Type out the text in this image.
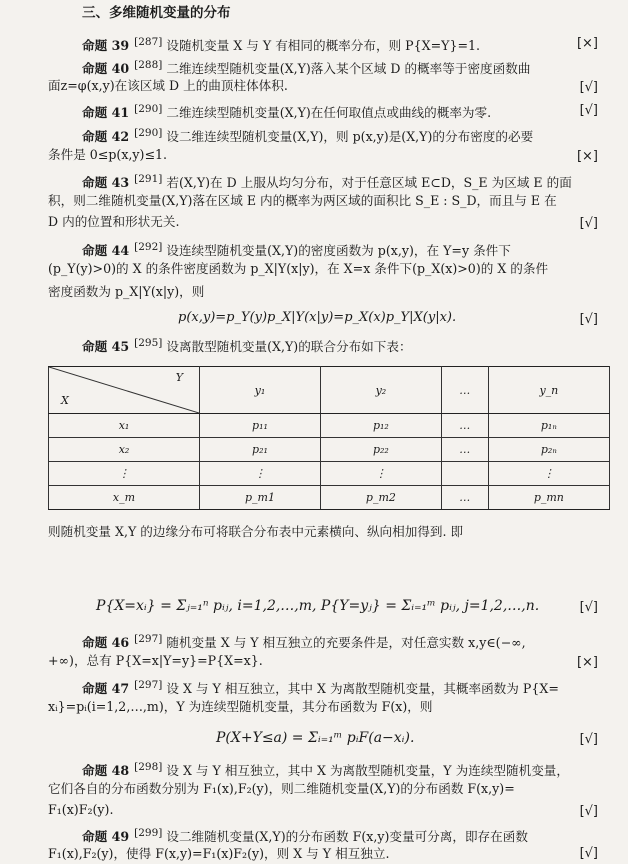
三、多维随机变量的分布
命题 39 [287] 设随机变量 X 与 Y 有相同的概率分布，则 P{X=Y}=1.	[×]
命题 40 [288] 二维连续型随机变量(X,Y)落入某个区域 D 的概率等于密度函数曲
面z=φ(x,y)在该区域 D 上的曲顶柱体体积.	[√]
命题 41 [290] 二维连续型随机变量(X,Y)在任何取值点或曲线的概率为零.	[√]
命题 42 [290] 设二维连续型随机变量(X,Y)，则 p(x,y)是(X,Y)的分布密度的必要
条件是 0≤p(x,y)≤1.	[×]
命题 43 [291] 若(X,Y)在 D 上服从均匀分布，对于任意区域 E⊂D，S_E 为区域 E 的面
积，则二维随机变量(X,Y)落在区域 E 内的概率为两区域的面积比 S_E : S_D，而且与 E 在
D 内的位置和形状无关.	[√]
命题 44 [292] 设连续型随机变量(X,Y)的密度函数为 p(x,y)，在 Y=y 条件下
(p_Y(y)>0)的 X 的条件密度函数为 p_X|Y(x|y)，在 X=x 条件下(p_X(x)>0)的 X 的条件
密度函数为 p_X|Y(x|y)，则
p(x,y)=p_Y(y)p_X|Y(x|y)=p_X(x)p_Y|X(y|x).	[√]
命题 45 [295] 设离散型随机变量(X,Y)的联合分布如下表：
Y
X	y₁	y₂	…	y_n
x₁	p₁₁	p₁₂	…	p₁ₙ
x₂	p₂₁	p₂₂	…	p₂ₙ
⋮	⋮	⋮		⋮
x_m	p_m1	p_m2	…	p_mn
则随机变量 X,Y 的边缘分布可将联合分布表中元素横向、纵向相加得到. 即
P{X=xᵢ} = Σⱼ₌₁ⁿ pᵢⱼ, i=1,2,…,m, P{Y=yⱼ} = Σᵢ₌₁ᵐ pᵢⱼ, j=1,2,…,n.	[√]
命题 46 [297] 随机变量 X 与 Y 相互独立的充要条件是，对任意实数 x,y∈(−∞,
+∞)，总有 P{X=x|Y=y}=P{X=x}.	[×]
命题 47 [297] 设 X 与 Y 相互独立，其中 X 为离散型随机变量，其概率函数为 P{X=
xᵢ}=pᵢ(i=1,2,…,m)，Y 为连续型随机变量，其分布函数为 F(x)，则
P(X+Y≤a) = Σᵢ₌₁ᵐ pᵢF(a−xᵢ).	[√]
命题 48 [298] 设 X 与 Y 相互独立，其中 X 为离散型随机变量，Y 为连续型随机变量，
它们各自的分布函数分别为 F₁(x),F₂(y)，则二维随机变量(X,Y)的分布函数 F(x,y)=
F₁(x)F₂(y).	[√]
命题 49 [299] 设二维随机变量(X,Y)的分布函数 F(x,y)变量可分离，即存在函数
F₁(x),F₂(y)，使得 F(x,y)=F₁(x)F₂(y)，则 X 与 Y 相互独立.	[√]
